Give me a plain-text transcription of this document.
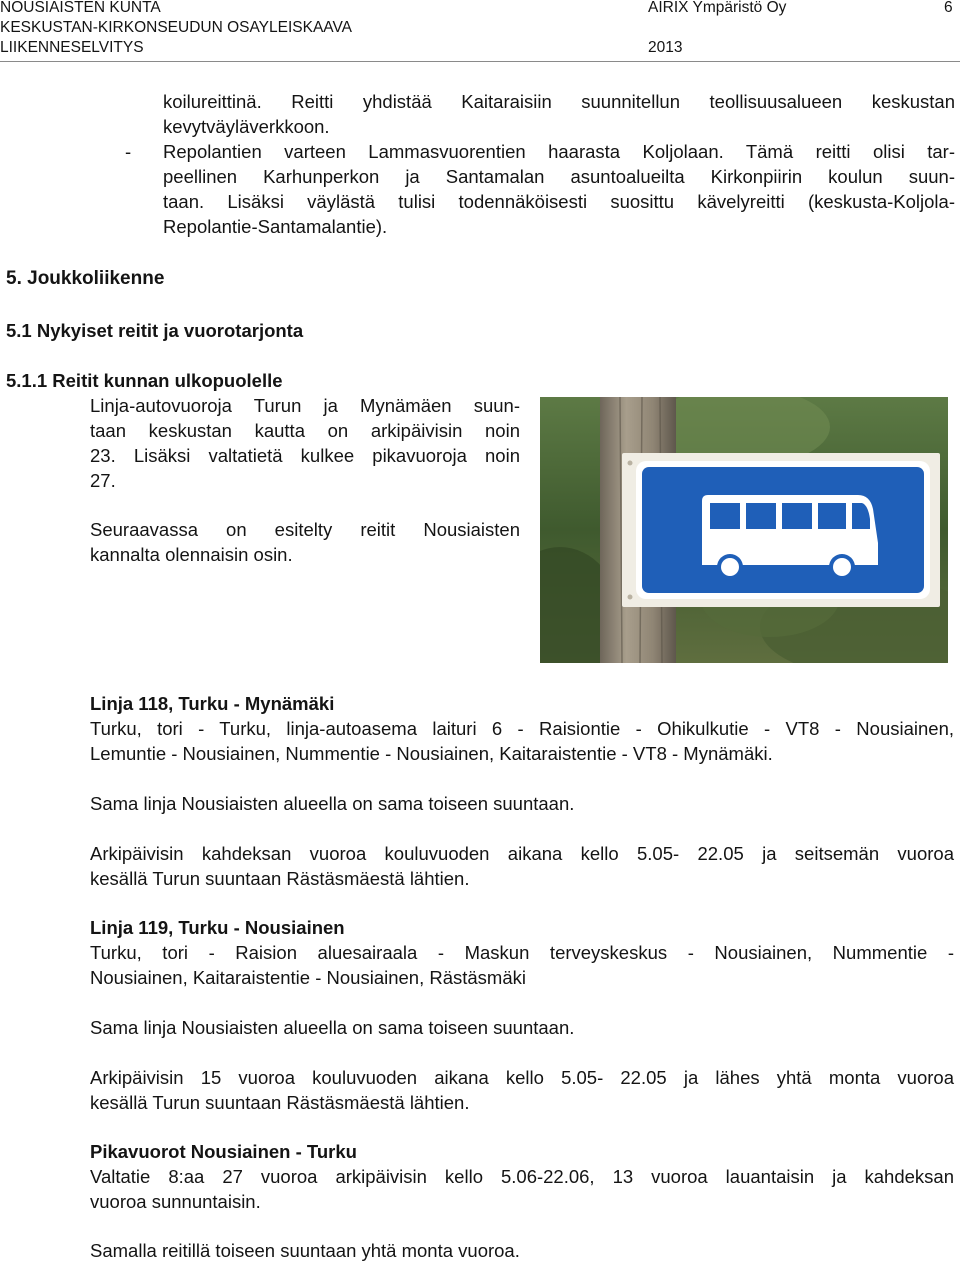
NOUSIAISTEN KUNTA
KESKUSTAN-KIRKONSEUDUN OSAYLEISKAAVA
LIIKENNESELVITYS
AIRIX Ympäristö Oy	6
2013
koilureittinä. Reitti yhdistää Kaitaraisiin suunnitellun teollisuusalueen keskustan
kevytväyläverkkoon.
- Repolantien varteen Lammasvuorentien haarasta Koljolaan. Tämä reitti olisi tar-
peellinen Karhunperkon ja Santamalan asuntoalueilta Kirkonpiirin koulun suun-
taan. Lisäksi väylästä tulisi todennäköisesti suosittu kävelyreitti (keskusta-Koljola-
Repolantie-Santamalantie).
5. Joukkoliikenne
5.1 Nykyiset reitit ja vuorotarjonta
5.1.1 Reitit kunnan ulkopuolelle
Linja-autovuoroja Turun ja Mynämäen suun-
taan keskustan kautta on arkipäivisin noin
23. Lisäksi valtatietä kulkee pikavuoroja noin
27.
Seuraavassa on esitelty reitit Nousiaisten
kannalta olennaisin osin.
Linja 118, Turku - Mynämäki
Turku, tori - Turku, linja-autoasema laituri 6 - Raisiontie - Ohikulkutie - VT8 - Nousiainen,
Lemuntie - Nousiainen, Nummentie - Nousiainen, Kaitaraistentie - VT8 - Mynämäki.
Sama linja Nousiaisten alueella on sama toiseen suuntaan.
Arkipäivisin kahdeksan vuoroa kouluvuoden aikana kello 5.05- 22.05 ja seitsemän vuoroa
kesällä Turun suuntaan Rästäsmäestä lähtien.
Linja 119, Turku - Nousiainen
Turku, tori - Raision aluesairaala - Maskun terveyskeskus - Nousiainen, Nummentie -
Nousiainen, Kaitaraistentie - Nousiainen, Rästäsmäki
Sama linja Nousiaisten alueella on sama toiseen suuntaan.
Arkipäivisin 15 vuoroa kouluvuoden aikana kello 5.05- 22.05 ja lähes yhtä monta vuoroa
kesällä Turun suuntaan Rästäsmäestä lähtien.
Pikavuorot Nousiainen - Turku
Valtatie 8:aa 27 vuoroa arkipäivisin kello 5.06-22.06, 13 vuoroa lauantaisin ja kahdeksan
vuoroa sunnuntaisin.
Samalla reitillä toiseen suuntaan yhtä monta vuoroa.
